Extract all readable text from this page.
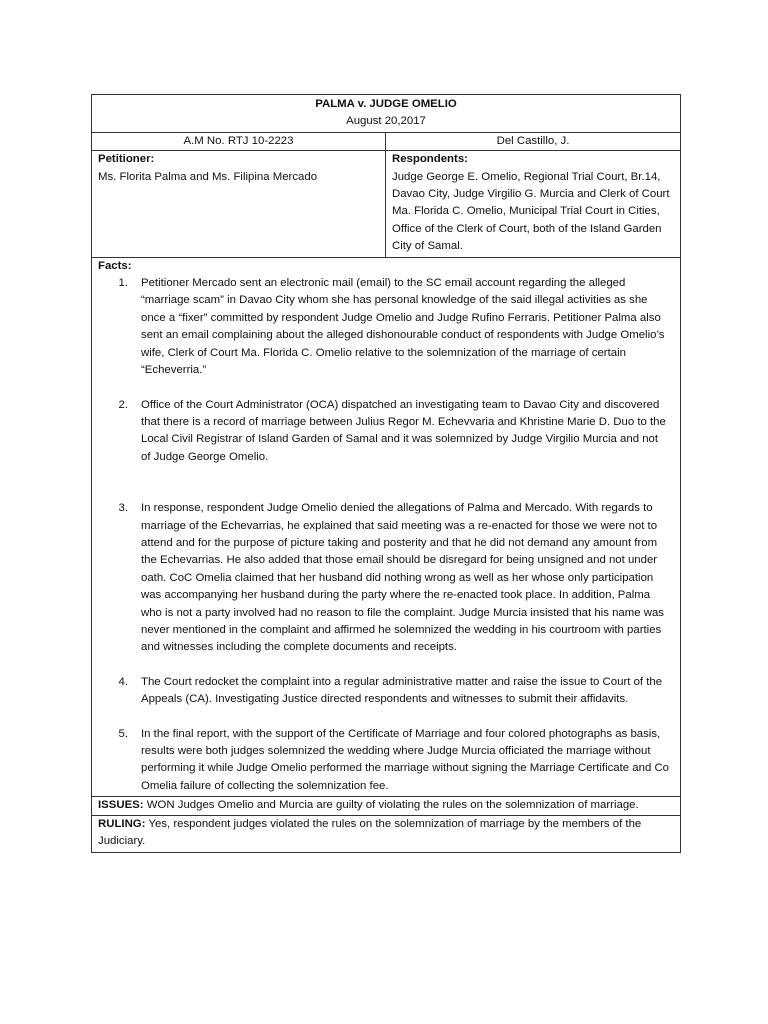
PALMA v. JUDGE OMELIO
August 20,2017
A.M No. RTJ 10-2223	Del Castillo, J.
Petitioner:
Ms. Florita Palma and Ms. Filipina Mercado
Respondents:
Judge George E. Omelio, Regional Trial Court, Br.14, Davao City, Judge Virgilio G. Murcia and Clerk of Court Ma. Florida C. Omelio, Municipal Trial Court in Cities, Office of the Clerk of Court, both of the Island Garden City of Samal.
Facts:
1.	Petitioner Mercado sent an electronic mail (email) to the SC email account regarding the alleged “marriage scam” in Davao City whom she has personal knowledge of the said illegal activities as she once a “fixer” committed by respondent Judge Omelio and Judge Rufino Ferraris. Petitioner Palma also sent an email complaining about the alleged dishonourable conduct of respondents with Judge Omelio’s wife, Clerk of Court Ma. Florida C. Omelio relative to the solemnization of the marriage of certain “Echeverria.”
2.	Office of the Court Administrator (OCA) dispatched an investigating team to Davao City and discovered that there is a record of marriage between Julius Regor M. Echevvaria and Khristine Marie D. Duo to the Local Civil Registrar of Island Garden of Samal and it was solemnized by Judge Virgilio Murcia and not of Judge George Omelio.
3.	In response, respondent Judge Omelio denied the allegations of Palma and Mercado. With regards to marriage of the Echevarrias, he explained that said meeting was a re-enacted for those we were not to attend and for the purpose of picture taking and posterity and that he did not demand any amount from the Echevarrias. He also added that those email should be disregard for being unsigned and not under oath. CoC Omelia claimed that her husband did nothing wrong as well as her whose only participation was accompanying her husband during the party where the re-enacted took place. In addition, Palma who is not a party involved had no reason to file the complaint. Judge Murcia insisted that his name was never mentioned in the complaint and affirmed he solemnized the wedding in his courtroom with parties and witnesses including the complete documents and receipts.
4.	The Court redocket the complaint into a regular administrative matter and raise the issue to Court of the Appeals (CA). Investigating Justice directed respondents and witnesses to submit their affidavits.
5.	In the final report, with the support of the Certificate of Marriage and four colored photographs as basis, results were both judges solemnized the wedding where Judge Murcia officiated the marriage without performing it while Judge Omelio performed the marriage without signing the Marriage Certificate and Co Omelia failure of collecting the solemnization fee.
ISSUES: WON Judges Omelio and Murcia are guilty of violating the rules on the solemnization of marriage.
RULING: Yes, respondent judges violated the rules on the solemnization of marriage by the members of the Judiciary.
